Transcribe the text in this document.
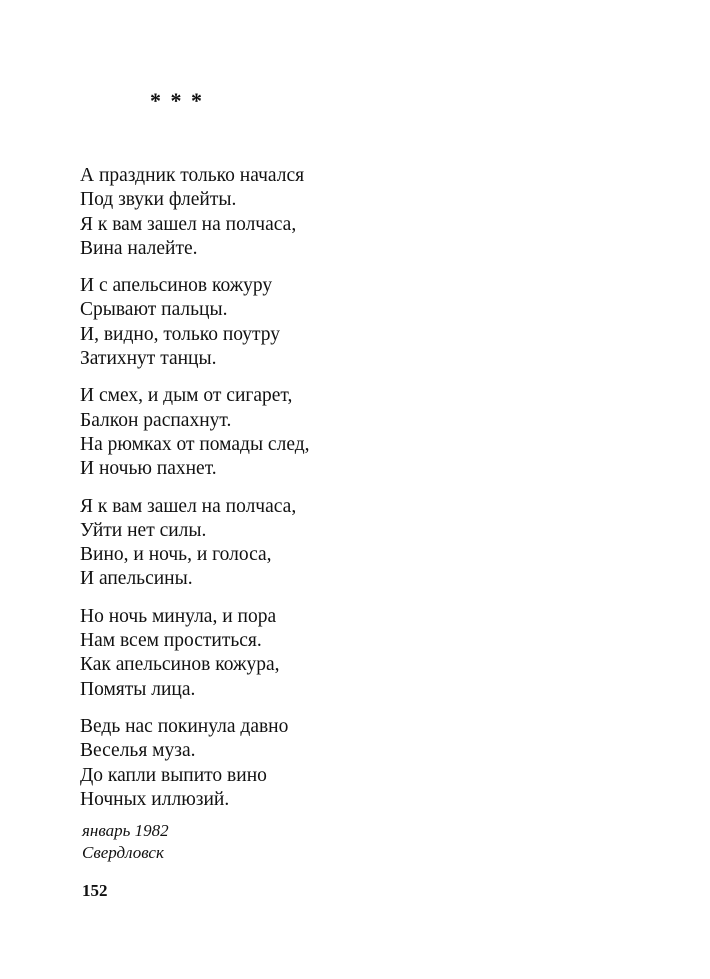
* * *
А праздник только начался
Под звуки флейты.
Я к вам зашел на полчаса,
Вина налейте.
И с апельсинов кожуру
Срывают пальцы.
И, видно, только поутру
Затихнут танцы.
И смех, и дым от сигарет,
Балкон распахнут.
На рюмках от помады след,
И ночью пахнет.
Я к вам зашел на полчаса,
Уйти нет силы.
Вино, и ночь, и голоса,
И апельсины.
Но ночь минула, и пора
Нам всем проститься.
Как апельсинов кожура,
Помяты лица.
Ведь нас покинула давно
Веселья муза.
До капли выпито вино
Ночных иллюзий.
январь 1982
Свердловск
152
